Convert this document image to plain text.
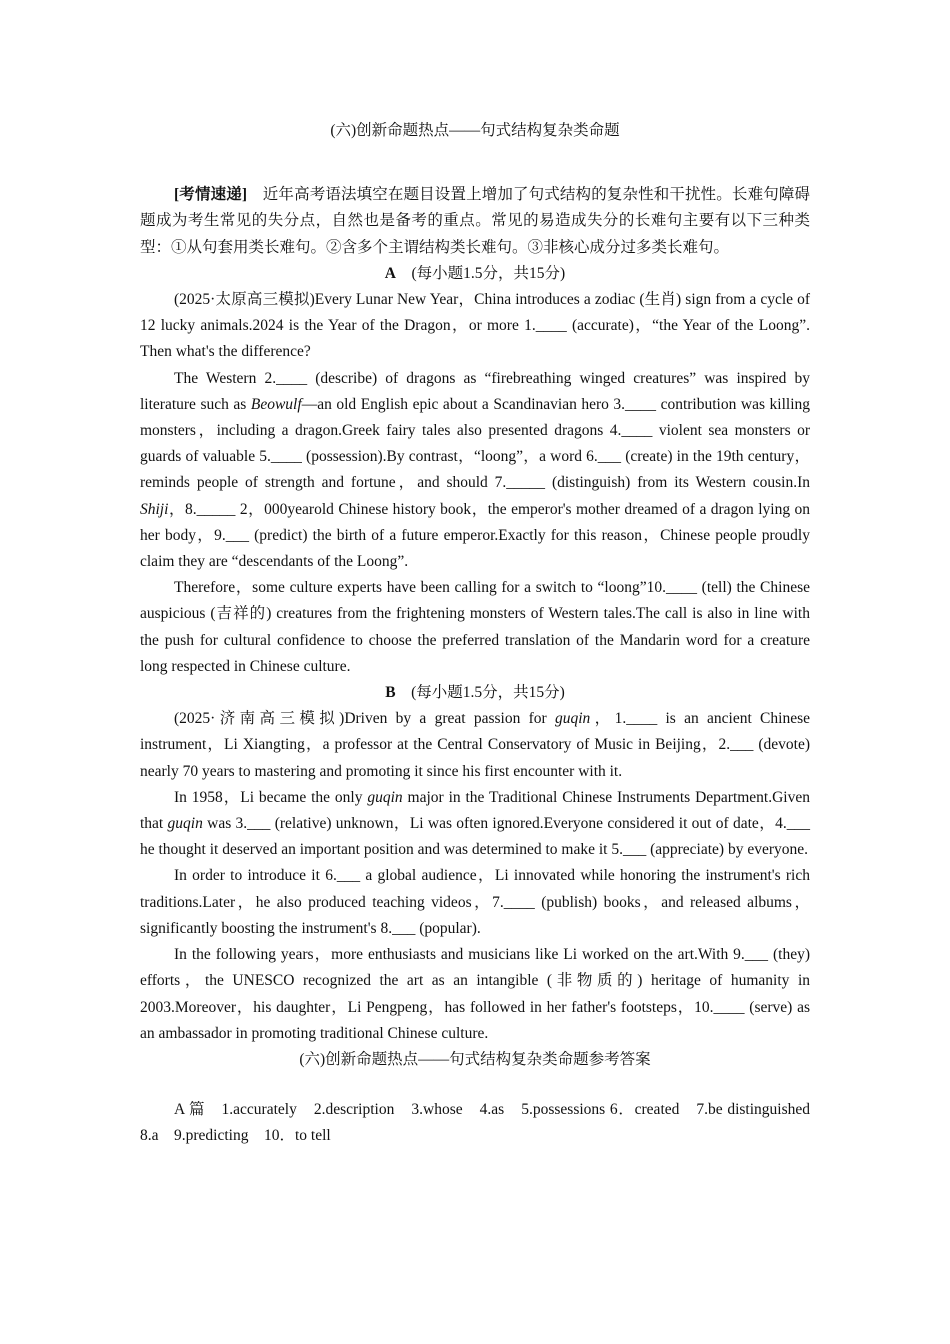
(六)创新命题热点——句式结构复杂类命题

[考情速递]　近年高考语法填空在题目设置上增加了句式结构的复杂性和干扰性。长难句障碍题成为考生常见的失分点，自然也是备考的重点。常见的易造成失分的长难句主要有以下三种类型：①从句套用类长难句。②含多个主谓结构类长难句。③非核心成分过多类长难句。

A　 (每小题1.5分，共15分)

(2025·太原高三模拟)Every Lunar New Year，China introduces a zodiac (生肖) sign from a cycle of 12 lucky animals.2024 is the Year of the Dragon，or more 1.____ (accurate)，“the Year of the Loong”. Then what's the difference?

The Western 2.____ (describe) of dragons as “firebreathing winged creatures” was inspired by literature such as Beowulf—an old English epic about a Scandinavian hero 3.____ contribution was killing monsters，including a dragon.Greek fairy tales also presented dragons 4.____ violent sea monsters or guards of valuable 5.____ (possession).By contrast，“loong”，a word 6.___ (create) in the 19th century，reminds people of strength and fortune，and should 7._____ (distinguish) from its Western cousin.In Shiji，8._____ 2，000yearold Chinese history book，the emperor's mother dreamed of a dragon lying on her body，9.___ (predict) the birth of a future emperor.Exactly for this reason，Chinese people proudly claim they are “descendants of the Loong”.

Therefore，some culture experts have been calling for a switch to “loong”10.____ (tell) the Chinese auspicious (吉祥的) creatures from the frightening monsters of Western tales.The call is also in line with the push for cultural confidence to choose the preferred translation of the Mandarin word for a creature long respected in Chinese culture.

B　 (每小题1.5分，共15分)

(2025·济南高三模拟)Driven by a great passion for guqin，1.____ is an ancient Chinese instrument，Li Xiangting，a professor at the Central Conservatory of Music in Beijing，2.___ (devote) nearly 70 years to mastering and promoting it since his first encounter with it.

In 1958，Li became the only guqin major in the Traditional Chinese Instruments Department.Given that guqin was 3.___ (relative) unknown，Li was often ignored.Everyone considered it out of date，4.___ he thought it deserved an important position and was determined to make it 5.___ (appreciate) by everyone.

In order to introduce it 6.___ a global audience，Li innovated while honoring the instrument's rich traditions.Later，he also produced teaching videos，7.____ (publish) books，and released albums，significantly boosting the instrument's 8.___ (popular).

In the following years，more enthusiasts and musicians like Li worked on the art.With 9.___ (they) efforts，the UNESCO recognized the art as an intangible (非物质的) heritage of humanity in 2003.Moreover，his daughter，Li Pengpeng，has followed in her father's footsteps，10.____ (serve) as an ambassador in promoting traditional Chinese culture.

(六)创新命题热点——句式结构复杂类命题参考答案

A 篇　1.accurately　2.description　3.whose　4.as　5.possessions 6．created　7.be distinguished　8.a　9.predicting　10．to tell
